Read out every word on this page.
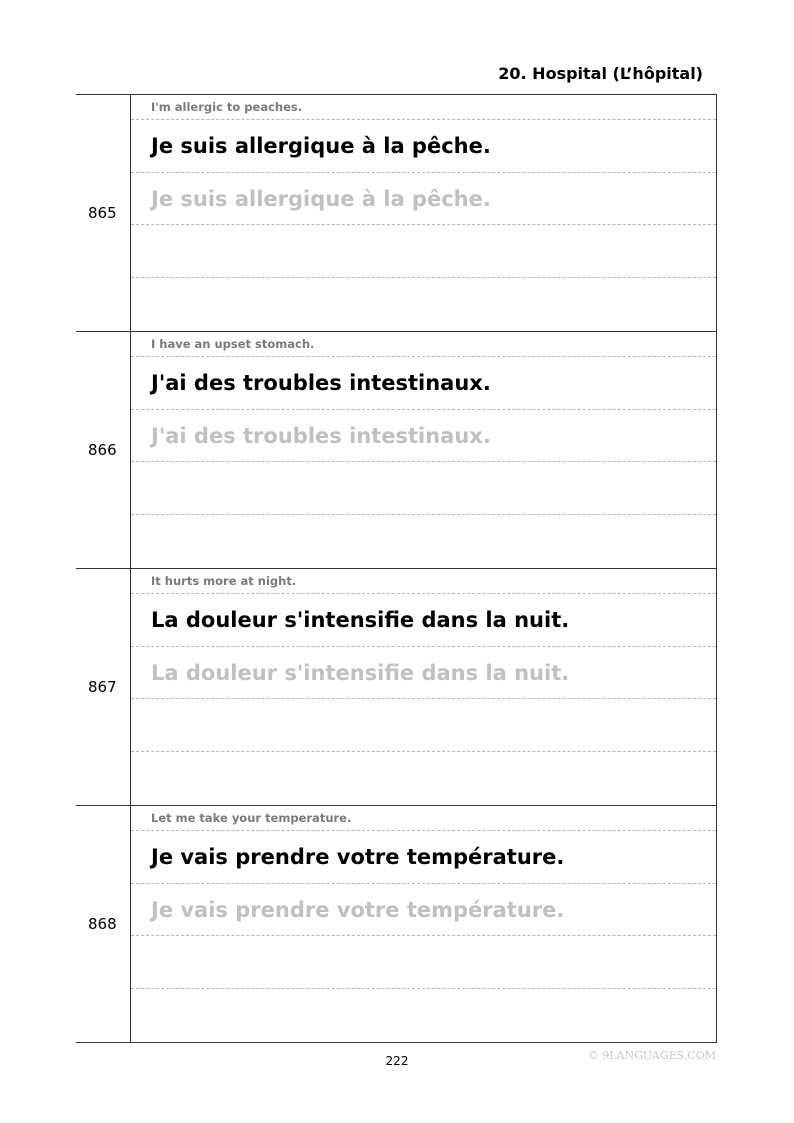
20. Hospital (L’hôpital)
865
I'm allergic to peaches.
Je suis allergique à la pêche.
Je suis allergique à la pêche.
866
I have an upset stomach.
J'ai des troubles intestinaux.
J'ai des troubles intestinaux.
867
It hurts more at night.
La douleur s'intensifie dans la nuit.
La douleur s'intensifie dans la nuit.
868
Let me take your temperature.
Je vais prendre votre température.
Je vais prendre votre température.
222	© 9LANGUAGES.COM
